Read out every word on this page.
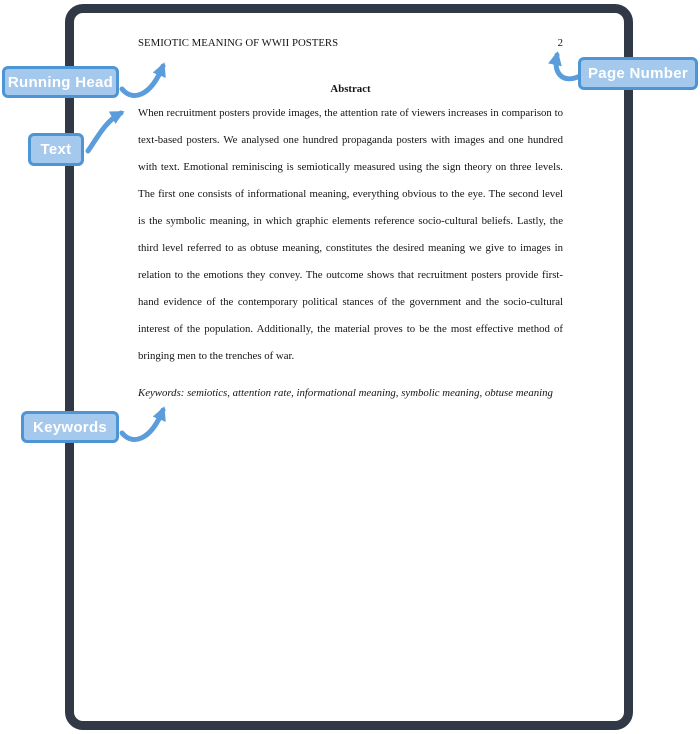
SEMIOTIC MEANING OF WWII POSTERS	2
Abstract
When recruitment posters provide images, the attention rate of viewers increases in comparison to text-based posters. We analysed one hundred propaganda posters with images and one hundred with text. Emotional reminiscing is semiotically measured using the sign theory on three levels. The first one consists of informational meaning, everything obvious to the eye. The second level is the symbolic meaning, in which graphic elements reference socio-cultural beliefs. Lastly, the third level referred to as obtuse meaning, constitutes the desired meaning we give to images in relation to the emotions they convey. The outcome shows that recruitment posters provide first-hand evidence of the contemporary political stances of the government and the socio-cultural interest of the population. Additionally, the material proves to be the most effective method of bringing men to the trenches of war.
Keywords: semiotics, attention rate, informational meaning, symbolic meaning, obtuse meaning
Running Head
Text
Keywords
Page Number
